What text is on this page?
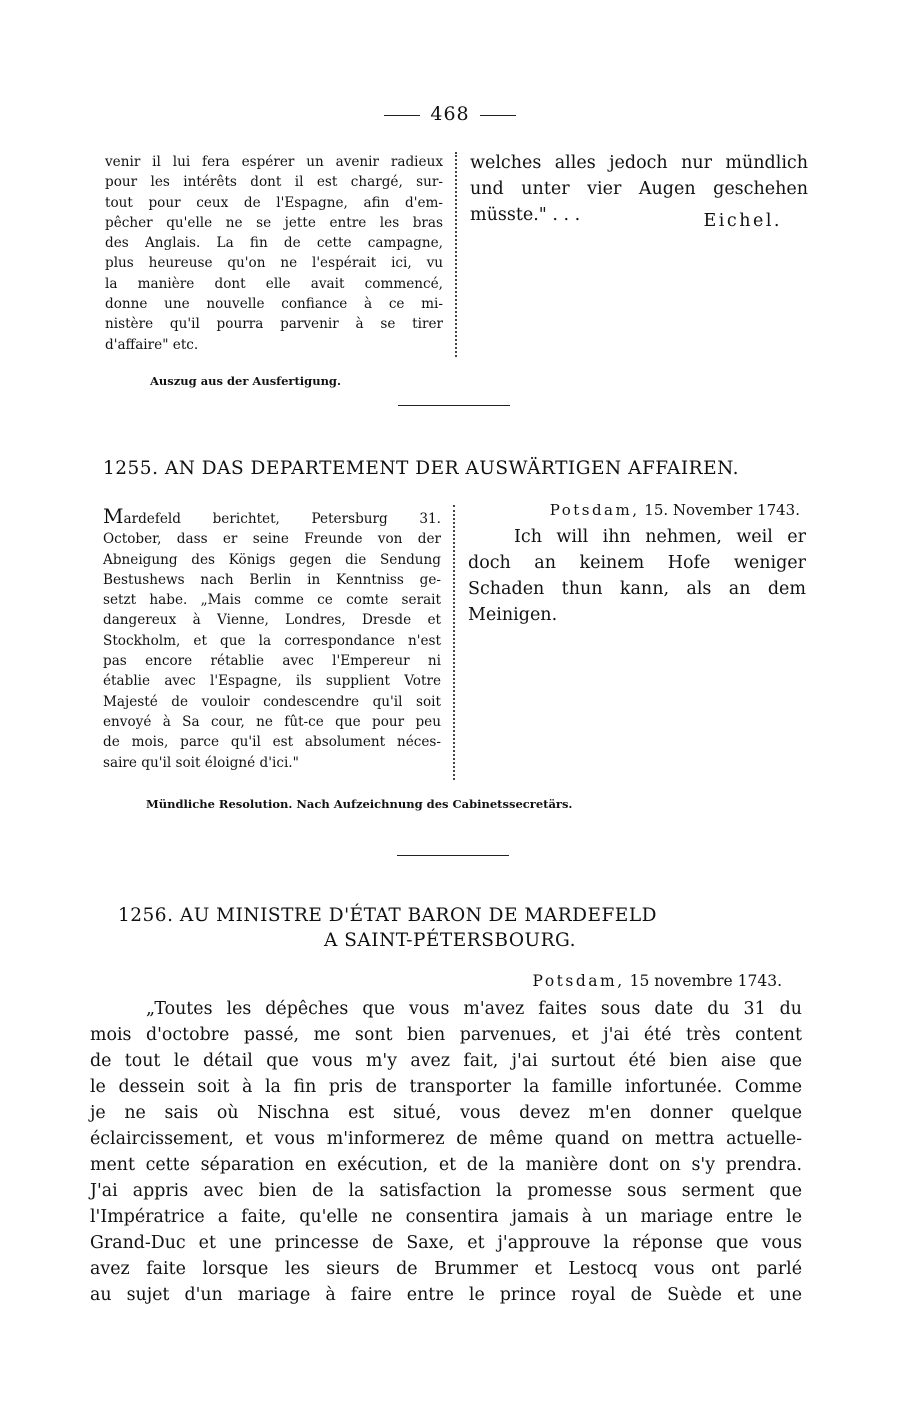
468
venir il lui fera espérer un avenir radieux
pour les intérêts dont il est chargé, sur-
tout pour ceux de l'Espagne, afin d'em-
pêcher qu'elle ne se jette entre les bras
des Anglais. La fin de cette campagne,
plus heureuse qu'on ne l'espérait ici, vu
la manière dont elle avait commencé,
donne une nouvelle confiance à ce mi-
nistère qu'il pourra parvenir à se tirer
d'affaire" etc.
welches alles jedoch nur mündlich
und unter vier Augen geschehen
müsste." . . .	Eichel.
Auszug aus der Ausfertigung.
1255. AN DAS DEPARTEMENT DER AUSWÄRTIGEN AFFAIREN.
Mardefeld berichtet, Petersburg 31.
October, dass er seine Freunde von der
Abneigung des Königs gegen die Sendung
Bestushews nach Berlin in Kenntniss ge-
setzt habe. „Mais comme ce comte serait
dangereux à Vienne, Londres, Dresde et
Stockholm, et que la correspondance n'est
pas encore rétablie avec l'Empereur ni
établie avec l'Espagne, ils supplient Votre
Majesté de vouloir condescendre qu'il soit
envoyé à Sa cour, ne fût-ce que pour peu
de mois, parce qu'il est absolument néces-
saire qu'il soit éloigné d'ici."
Potsdam, 15. November 1743.
Ich will ihn nehmen, weil er
doch an keinem Hofe weniger
Schaden thun kann, als an dem
Meinigen.
Mündliche Resolution. Nach Aufzeichnung des Cabinetssecretärs.
1256. AU MINISTRE D'ÉTAT BARON DE MARDEFELD
A SAINT-PÉTERSBOURG.
Potsdam, 15 novembre 1743.
„Toutes les dépêches que vous m'avez faites sous date du 31 du
mois d'octobre passé, me sont bien parvenues, et j'ai été très content
de tout le détail que vous m'y avez fait, j'ai surtout été bien aise que
le dessein soit à la fin pris de transporter la famille infortunée. Comme
je ne sais où Nischna est situé, vous devez m'en donner quelque
éclaircissement, et vous m'informerez de même quand on mettra actuelle-
ment cette séparation en exécution, et de la manière dont on s'y prendra.
J'ai appris avec bien de la satisfaction la promesse sous serment que
l'Impératrice a faite, qu'elle ne consentira jamais à un mariage entre le
Grand-Duc et une princesse de Saxe, et j'approuve la réponse que vous
avez faite lorsque les sieurs de Brummer et Lestocq vous ont parlé
au sujet d'un mariage à faire entre le prince royal de Suède et une
